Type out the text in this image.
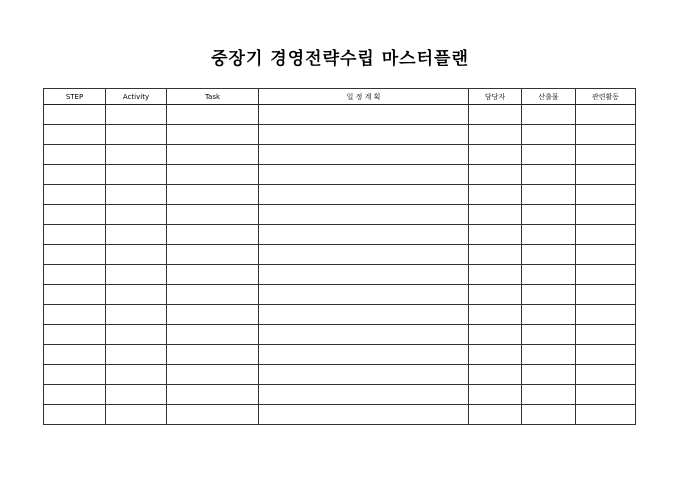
중장기 경영전략수립 마스터플랜
STEP	Activity	Task	일 정 계 획	담당자	산출물	관련활동
